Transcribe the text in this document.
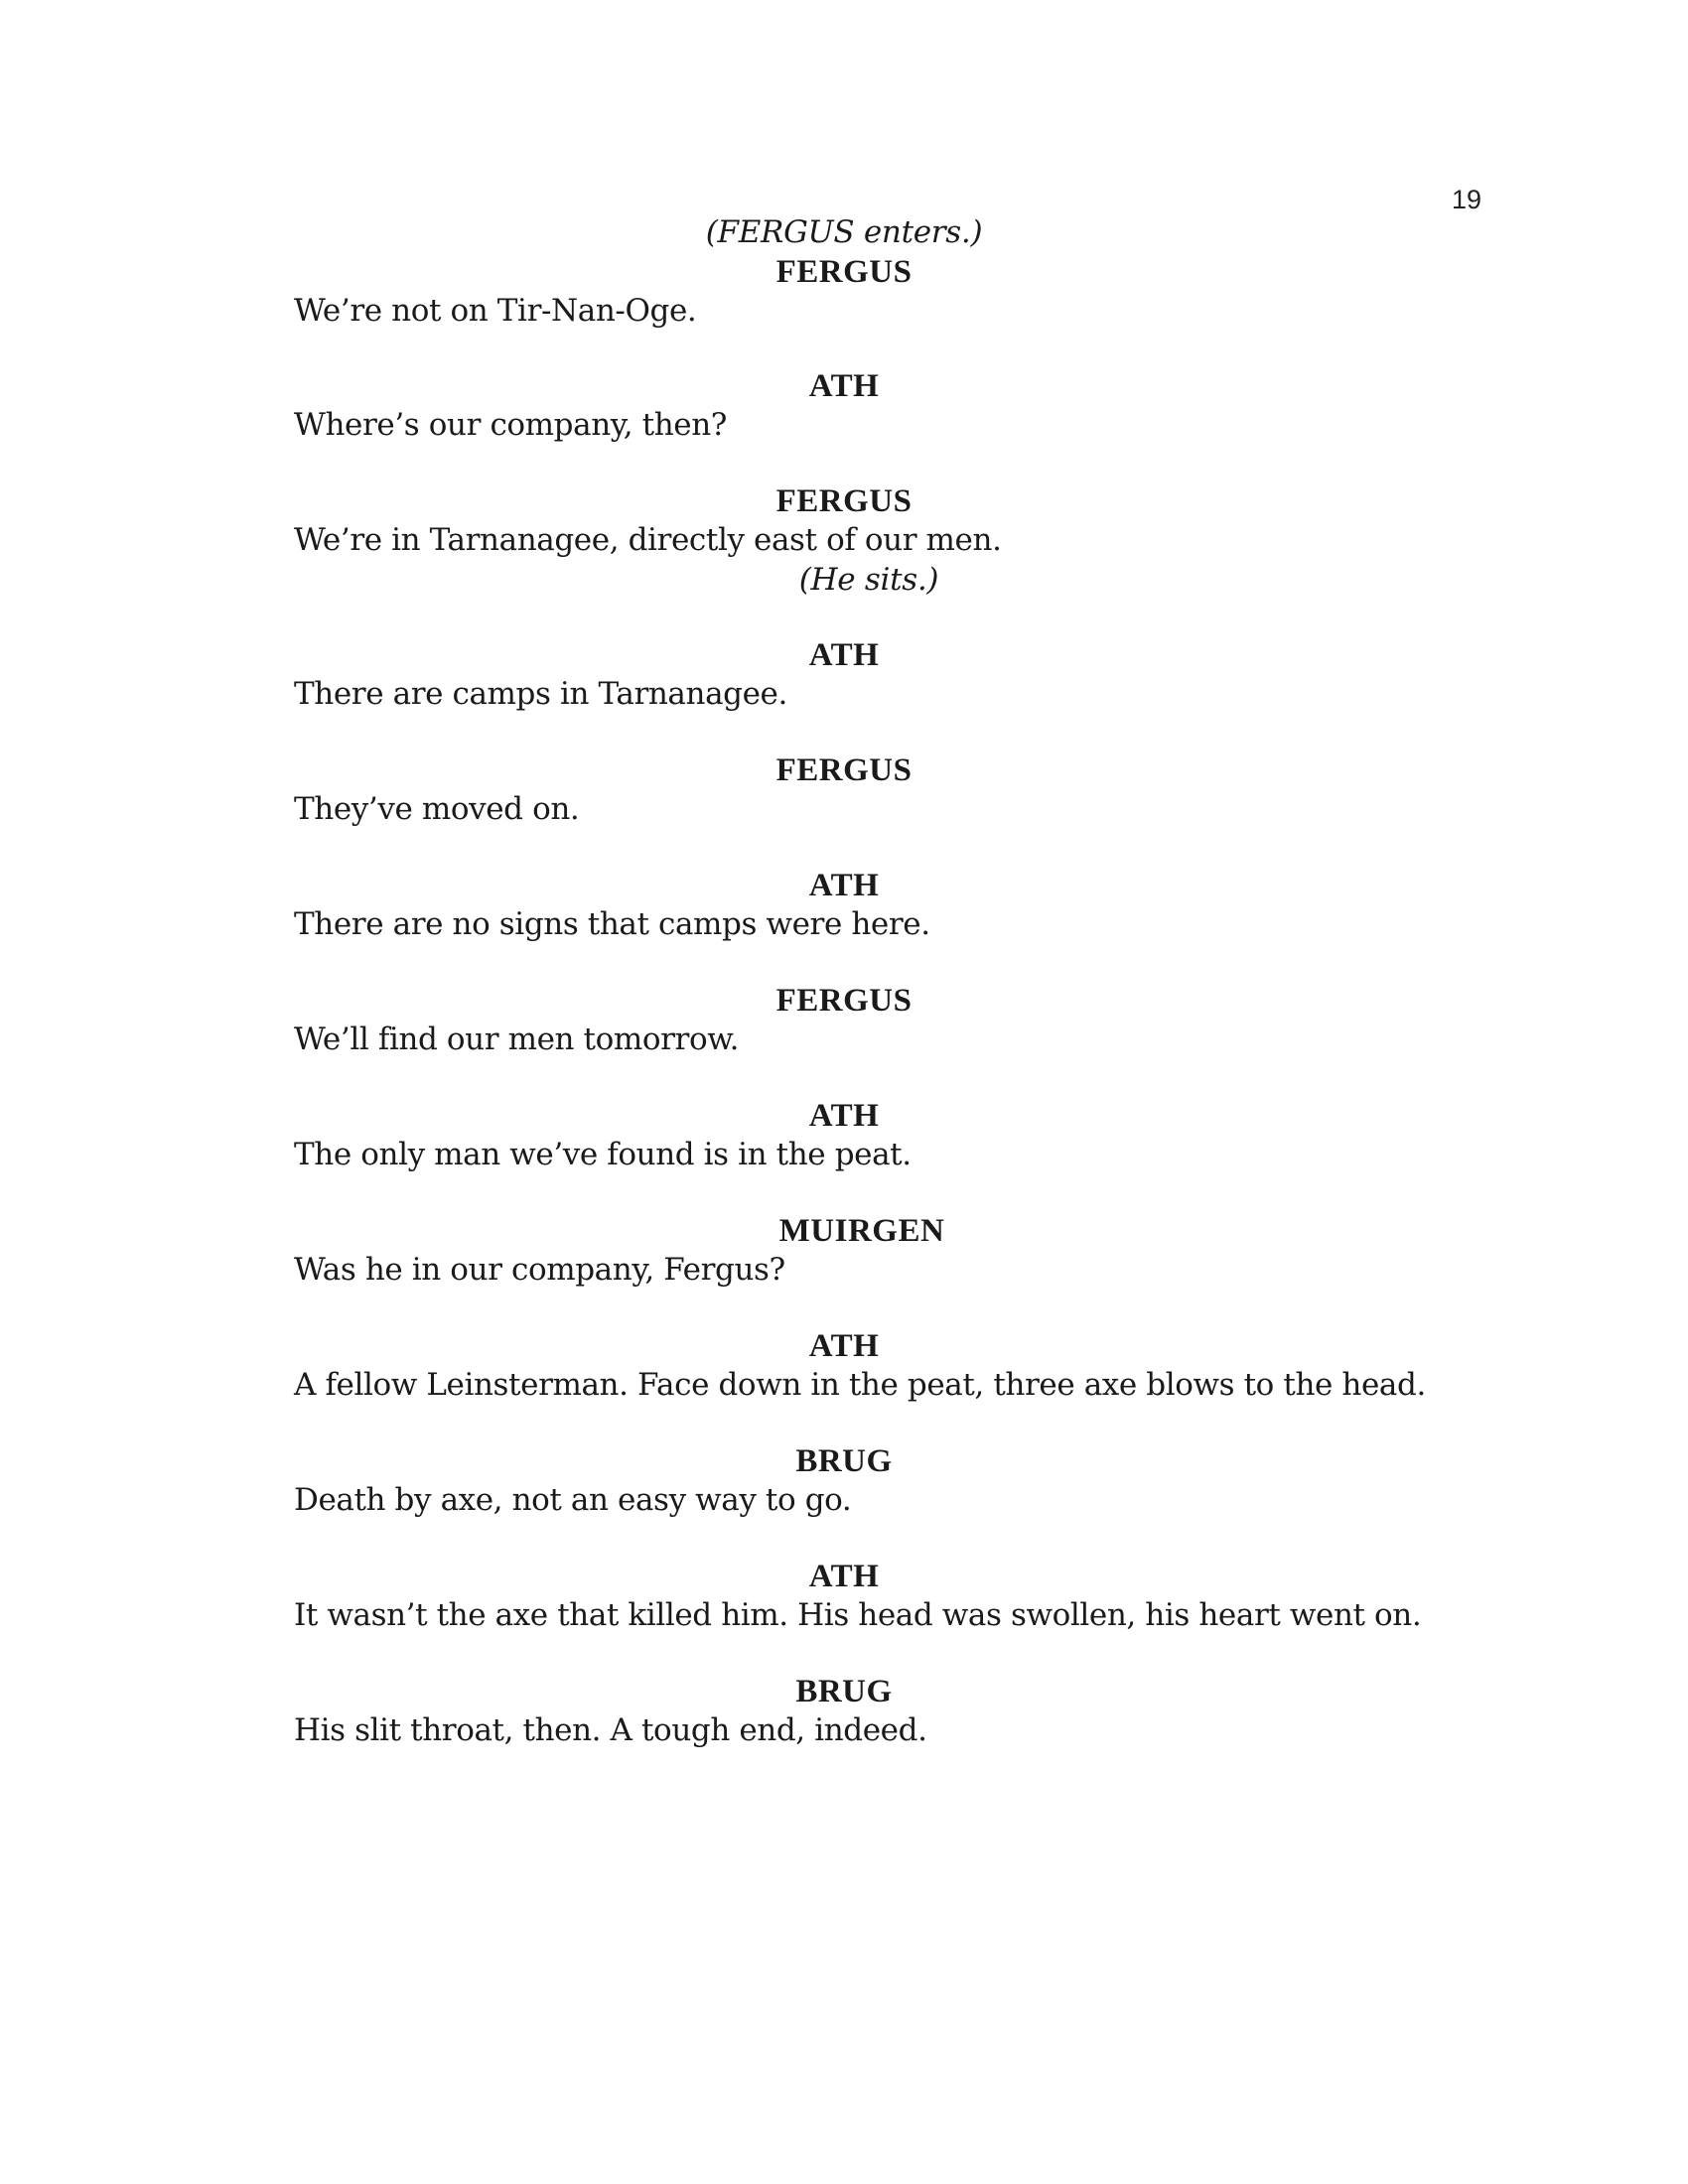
19
(FERGUS enters.)
FERGUS
We’re not on Tir-Nan-Oge.
ATH
Where’s our company, then?
FERGUS
We’re in Tarnanagee, directly east of our men.
(He sits.)
ATH
There are camps in Tarnanagee.
FERGUS
They’ve moved on.
ATH
There are no signs that camps were here.
FERGUS
We’ll find our men tomorrow.
ATH
The only man we’ve found is in the peat.
MUIRGEN
Was he in our company, Fergus?
ATH
A fellow Leinsterman. Face down in the peat, three axe blows to the head.
BRUG
Death by axe, not an easy way to go.
ATH
It wasn’t the axe that killed him. His head was swollen, his heart went on.
BRUG
His slit throat, then. A tough end, indeed.
